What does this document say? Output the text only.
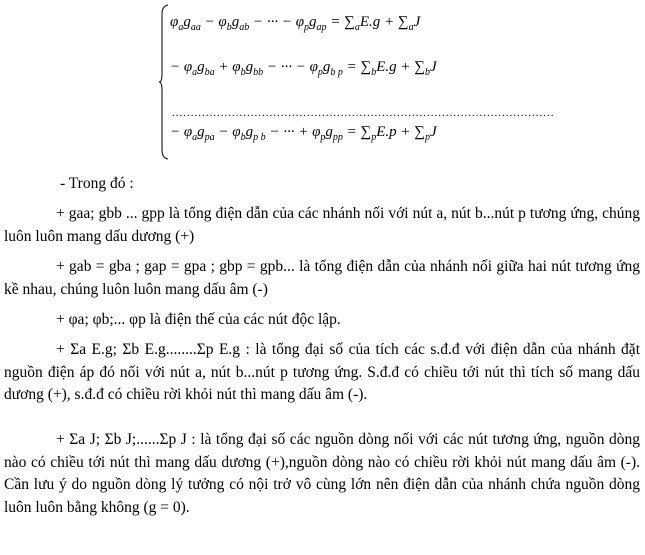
$\varphi_ag_{aa} - \varphi_bg_{ab}$ − ··· − $\varphi_pg_{ap} = \sum_aE.g + \sum_aJ$
− $\varphi_ag_{ba} + \varphi_bg_{bb}$ − ··· − $\varphi_pg_{b p} = \sum_bE.g + \sum_bJ$
......................................................................................................
− $\varphi_ag_{pa} - \varphi_bg_{p b}$ − ··· + $\varphi_pg_{pp} = \sum_pE.p + \sum_pJ$
- Trong đó :
+ gaa; gbb ... gpp là tổng điện dẫn của các nhánh nối với nút a, nút b...nút p tương ứng, chúng luôn luôn mang dấu dương (+)
+ gab = gba ; gap = gpa ; gbp = gpb... là tổng điện dẫn của nhánh nối giữa hai nút tương ứng kề nhau, chúng luôn luôn mang dấu âm (-)
+ φa; φb;... φp là điện thế của các nút độc lập.
+ Σa E.g; Σb E.g........Σp E.g : là tổng đại số của tích các s.đ.đ với điện dẫn của nhánh đặt nguồn điện áp đó nối với nút a, nút b...nút p tương ứng. S.đ.đ có chiều tới nút thì tích số mang dấu dương (+), s.đ.đ có chiều rời khỏi nút thì mang dấu âm (-).
+ Σa J; Σb J;......Σp J : là tổng đại số các nguồn dòng nối với các nút tương ứng, nguồn dòng nào có chiều tới nút thì mang dấu dương (+),nguồn dòng nào có chiều rời khỏi nút mang dấu âm (-). Cần lưu ý do nguồn dòng lý tưởng có nội trở vô cùng lớn nên điện dẫn của nhánh chứa nguồn dòng luôn luôn bằng không (g = 0).
